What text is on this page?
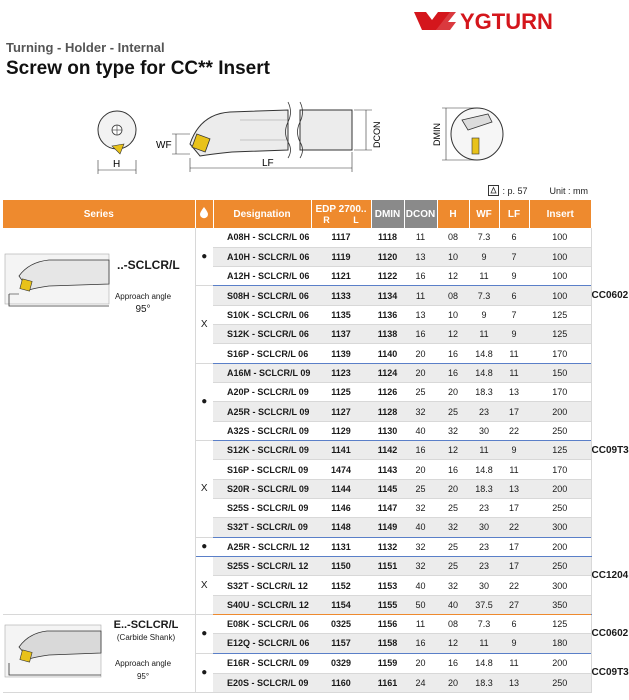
YGTURN
Turning - Holder - Internal
Screw on type for CC** Insert
H
WF
LF
DCON	DMIN
: p. 57 Unit : mm
Series		Designation	EDP 2700..
R L	DMIN	DCON	H	WF	LF	Insert	

..-SCLCR/L
Approach angle
95°	●	A08H - SCLCR/L 06	1117	1118	11	08	7.3	6	100	CC0602
		A10H - SCLCR/L 06	1119	1120	13	10	9	7	100	
		A12H - SCLCR/L 06	1121	1122	16	12	11	9	100	
	X	S08H - SCLCR/L 06	1133	1134	11	08	7.3	6	100	
		S10K - SCLCR/L 06	1135	1136	13	10	9	7	125	
		S12K - SCLCR/L 06	1137	1138	16	12	11	9	125	
		S16P - SCLCR/L 06	1139	1140	20	16	14.8	11	170	
	●	A16M - SCLCR/L 09	1123	1124	20	16	14.8	11	150	CC09T3
		A20P - SCLCR/L 09	1125	1126	25	20	18.3	13	170	
		A25R - SCLCR/L 09	1127	1128	32	25	23	17	200	
		A32S - SCLCR/L 09	1129	1130	40	32	30	22	250	
	X	S12K - SCLCR/L 09	1141	1142	16	12	11	9	125	
		S16P - SCLCR/L 09	1474	1143	20	16	14.8	11	170	
		S20R - SCLCR/L 09	1144	1145	25	20	18.3	13	200	
		S25S - SCLCR/L 09	1146	1147	32	25	23	17	250	
		S32T - SCLCR/L 09	1148	1149	40	32	30	22	300	
	●	A25R - SCLCR/L 12	1131	1132	32	25	23	17	200	CC1204
	X	S25S - SCLCR/L 12	1150	1151	32	25	23	17	250	
		S32T - SCLCR/L 12	1152	1153	40	32	30	22	300	
		S40U - SCLCR/L 12	1154	1155	50	40	37.5	27	350	

E..-SCLCR/L
(Carbide Shank)
Approach angle
95°	●	E08K - SCLCR/L 06	0325	1156	11	08	7.3	6	125	CC0602
		E12Q - SCLCR/L 06	1157	1158	16	12	11	9	180	
	●	E16R - SCLCR/L 09	0329	1159	20	16	14.8	11	200	CC09T3
		E20S - SCLCR/L 09	1160	1161	24	20	18.3	13	250	
